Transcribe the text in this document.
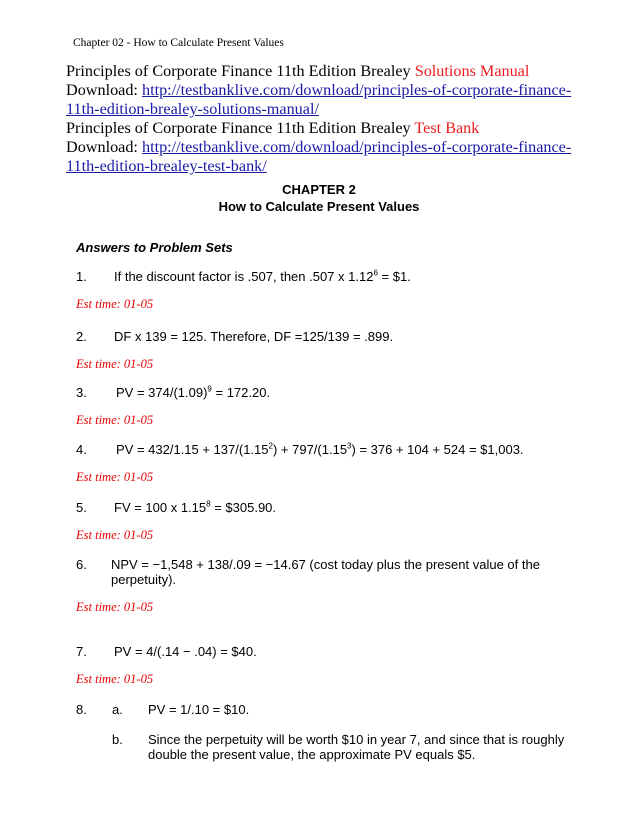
Chapter 02 - How to Calculate Present Values
Principles of Corporate Finance 11th Edition Brealey Solutions Manual
Download: http://testbanklive.com/download/principles-of-corporate-finance-
11th-edition-brealey-solutions-manual/
Principles of Corporate Finance 11th Edition Brealey Test Bank
Download: http://testbanklive.com/download/principles-of-corporate-finance-
11th-edition-brealey-test-bank/
CHAPTER 2
How to Calculate Present Values
Answers to Problem Sets
1. If the discount factor is .507, then .507 x $1.12^6$ = $1.
Est time: 01-05
2. DF x 139 = 125. Therefore, DF =125/139 = .899.
Est time: 01-05
3. PV = $374/(1.09)^9 = 172.20$.
Est time: 01-05
4. PV = $432/1.15 + 137/(1.15^2) + 797/(1.15^3) = 376 + 104 + 524$ = $1,003.
Est time: 01-05
5. FV = 100 x $1.15^8$ = $305.90.
Est time: 01-05
6. NPV = −1,548 + 138/.09 = −14.67 (cost today plus the present value of the
perpetuity).
Est time: 01-05
7. PV = 4/(.14 − .04) = $40.
Est time: 01-05
8. a. PV = 1/.10 = $10.
b. Since the perpetuity will be worth $10 in year 7, and since that is roughly
double the present value, the approximate PV equals $5.
